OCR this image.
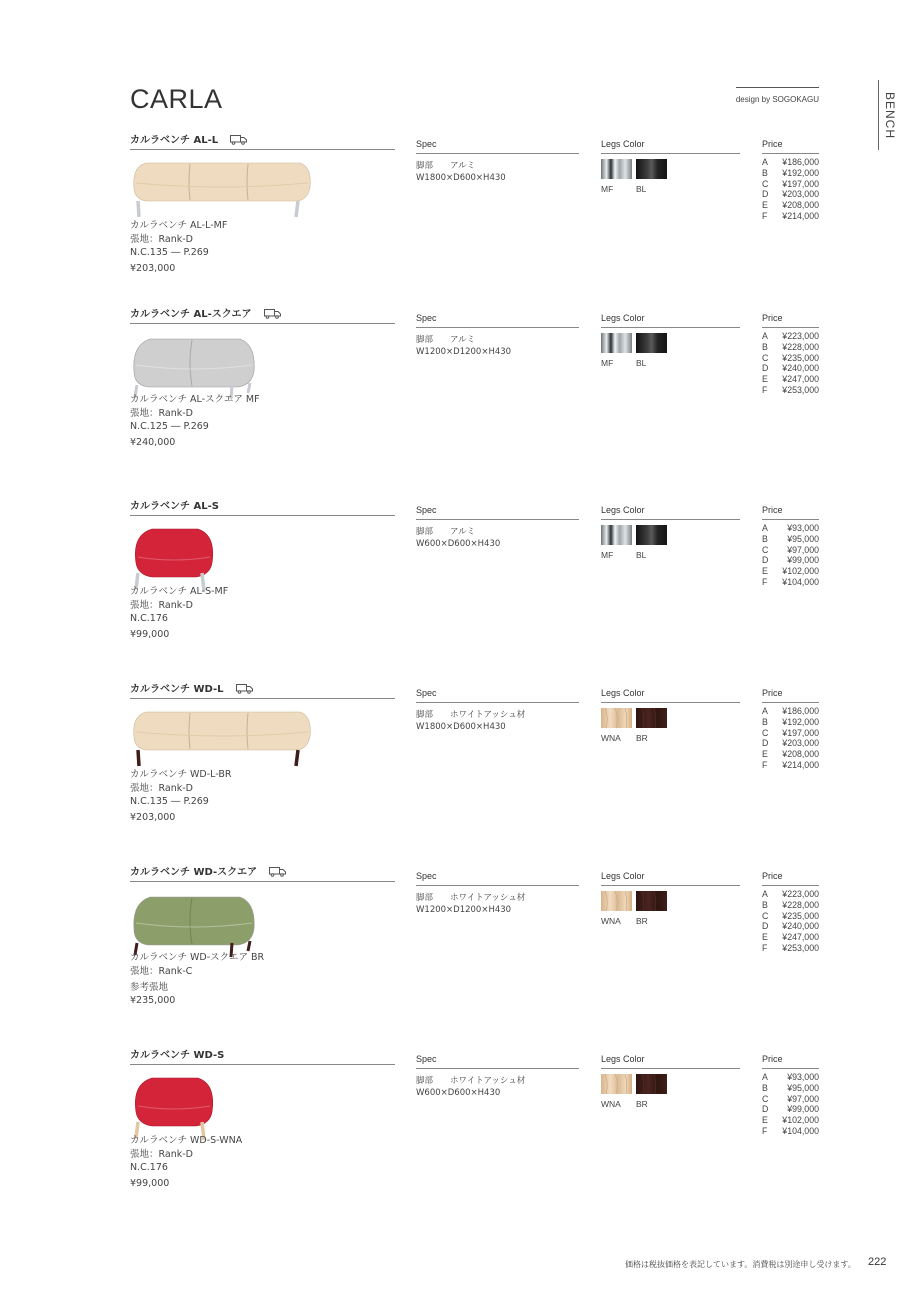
CARLA	design by SOGOKAGU	BENCH
カルラベンチ AL-L	Spec	Legs Color	Price
脚部 アルミ
W1800×D600×H430
MF	BL
A ¥186,000
B ¥192,000
C ¥197,000
D ¥203,000
E ¥208,000
F ¥214,000
カルラベンチ AL-L-MF
張地：Rank-D
N.C.135 ― P.269
¥203,000
カルラベンチ AL-スクエア	Spec	Legs Color	Price
脚部 アルミ
W1200×D1200×H430
MF	BL
A ¥223,000
B ¥228,000
C ¥235,000
D ¥240,000
E ¥247,000
F ¥253,000
カルラベンチ AL-スクエア MF
張地：Rank-D
N.C.125 ― P.269
¥240,000
カルラベンチ AL-S	Spec	Legs Color	Price
脚部 アルミ
W600×D600×H430
MF	BL
A ¥93,000
B ¥95,000
C ¥97,000
D ¥99,000
E ¥102,000
F ¥104,000
カルラベンチ AL-S-MF
張地：Rank-D
N.C.176
¥99,000
カルラベンチ WD-L	Spec	Legs Color	Price
脚部 ホワイトアッシュ材
W1800×D600×H430
WNA BR
A ¥186,000
B ¥192,000
C ¥197,000
D ¥203,000
E ¥208,000
F ¥214,000
カルラベンチ WD-L-BR
張地：Rank-D
N.C.135 ― P.269
¥203,000
カルラベンチ WD-スクエア	Spec	Legs Color	Price
脚部 ホワイトアッシュ材
W1200×D1200×H430
WNA BR
A ¥223,000
B ¥228,000
C ¥235,000
D ¥240,000
E ¥247,000
F ¥253,000
カルラベンチ WD-スクエア BR
張地：Rank-C
参考張地
¥235,000
カルラベンチ WD-S	Spec	Legs Color	Price
脚部 ホワイトアッシュ材
W600×D600×H430
WNA BR
A ¥93,000
B ¥95,000
C ¥97,000
D ¥99,000
E ¥102,000
F ¥104,000
カルラベンチ WD-S-WNA
張地：Rank-D
N.C.176
¥99,000
価格は税抜価格を表記しています。消費税は別途申し受けます。 222
